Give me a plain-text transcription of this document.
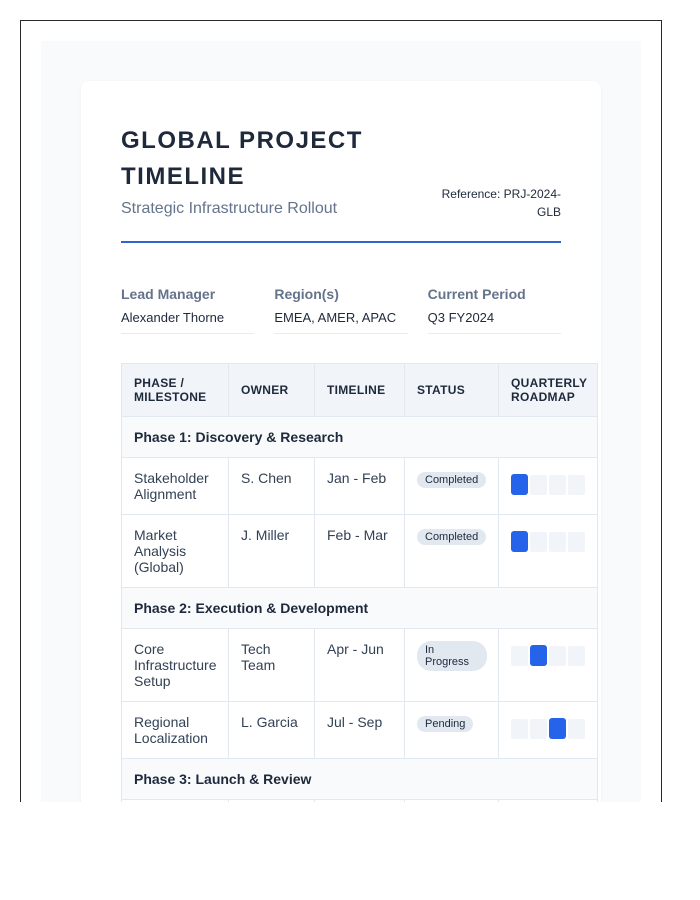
GLOBAL PROJECT TIMELINE
Strategic Infrastructure Rollout
Reference: PRJ-2024-GLB
Lead Manager
Alexander Thorne
Region(s)
EMEA, AMER, APAC
Current Period
Q3 FY2024
PHASE / MILESTONE	OWNER	TIMELINE	STATUS	QUARTERLY ROADMAP
Phase 1: Discovery & Research				
Stakeholder Alignment	S. Chen	Jan - Feb	Completed	

Market Analysis (Global)	J. Miller	Feb - Mar	Completed	

Phase 2: Execution & Development				
Core Infrastructure Setup	Tech Team	Apr - Jun	In Progress	

Regional Localization	L. Garcia	Jul - Sep	Pending	

Phase 3: Launch & Review				
